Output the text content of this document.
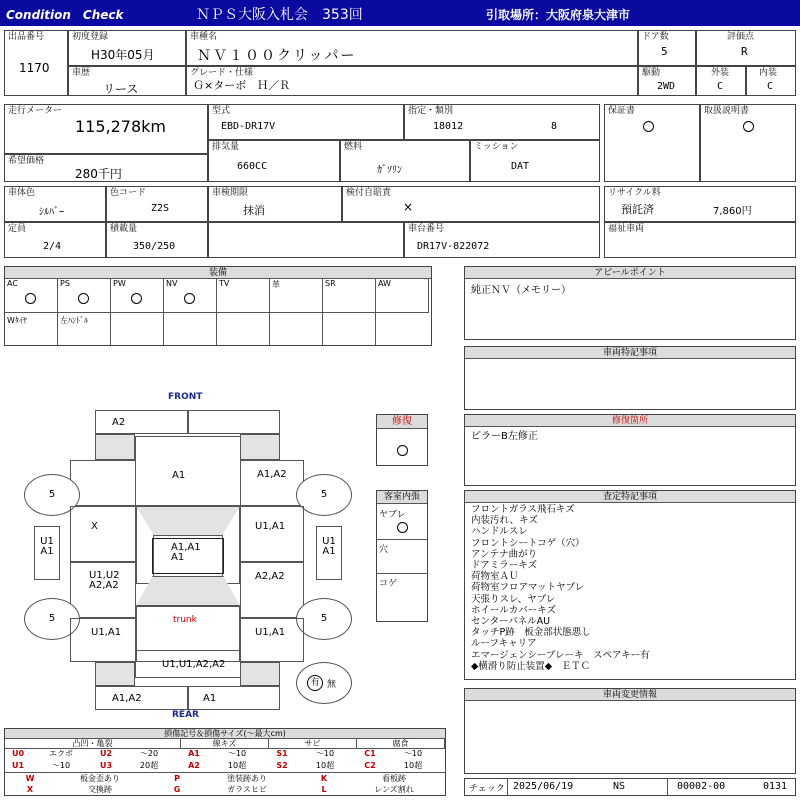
Condition　Check	ＮＰＳ大阪入札会　353回	引取場所：大阪府泉大津市
出品番号
1170
初度登録
H30年05月
車種名
ＮＶ１００クリッパー
ドア数
5
評価点
R
車歴
リース
グレード・仕様
Ｇ×ターボ　Ｈ／Ｒ
駆動
2WD
外装
C
内装
C
走行メーター
115,278km
希望価格
280千円
型式
EBD-DR17V
指定・類別
18012	8
保証書	取扱説明書
排気量
660CC
燃料
ｶﾞｿﾘﾝ
ミッション
DAT
車体色
ｼﾙﾊﾞｰ
色コード
Z2S
車検期限
抹消
検付自賠責
×
リサイクル料
預託済	7,860円
定員
2/4
積載量
350/250
車台番号
DR17V-822072
福祉車両
装備
AC	PS	PW	NV	TV	革	SR	AW
Wﾀｲﾔ	左ﾊﾝﾄﾞﾙ
アピールポイント
純正ＮＶ（メモリー）
車両特記事項
修復	修復箇所
ピラーB左修正
客室内張
ヤブレ
穴
コゲ
査定特記事項
フロントガラス飛石キズ
内装汚れ、キズ
ハンドルスレ
フロントシートコゲ（穴）
アンテナ曲がり
ドアミラーキズ
荷物室ＡＵ
荷物室フロアマットヤブレ
天張りスレ、ヤブレ
ホイールカバーキズ
センターパネルAU
タッチP跡　板金部状態悪し
ルーフキャリア
エマージェンシーブレーキ　スペアキー有
◆横滑り防止装置◆　ＥＴＣ
車両変更情報
チェック 2025/06/19	NS	00002-00	0131
FRONT
A2
A1	A1,A2
5	5
X	U1,A1
U1
A1
U1
A1
A1,A1
A1
U1,U2
A2,A2
A2,A2
trunk
5	5
U1,A1	U1,A1
U1,U1,A2,A2
A1,A2	A1
有 無
REAR
損傷記号＆損傷サイズ(～最大cm)
凸凹・亀裂	線キズ	サビ	腐食
U0	エクボ	U2	～20	A1	～10	S1	～10	C1	～10
U1	～10	U3	20超	A2	10超	S2	10超	C2	10超
W	板金歪あり	P	塗装跡あり	K	看板跡
X	交換跡	G	ガラスヒビ	L	レンズ割れ
